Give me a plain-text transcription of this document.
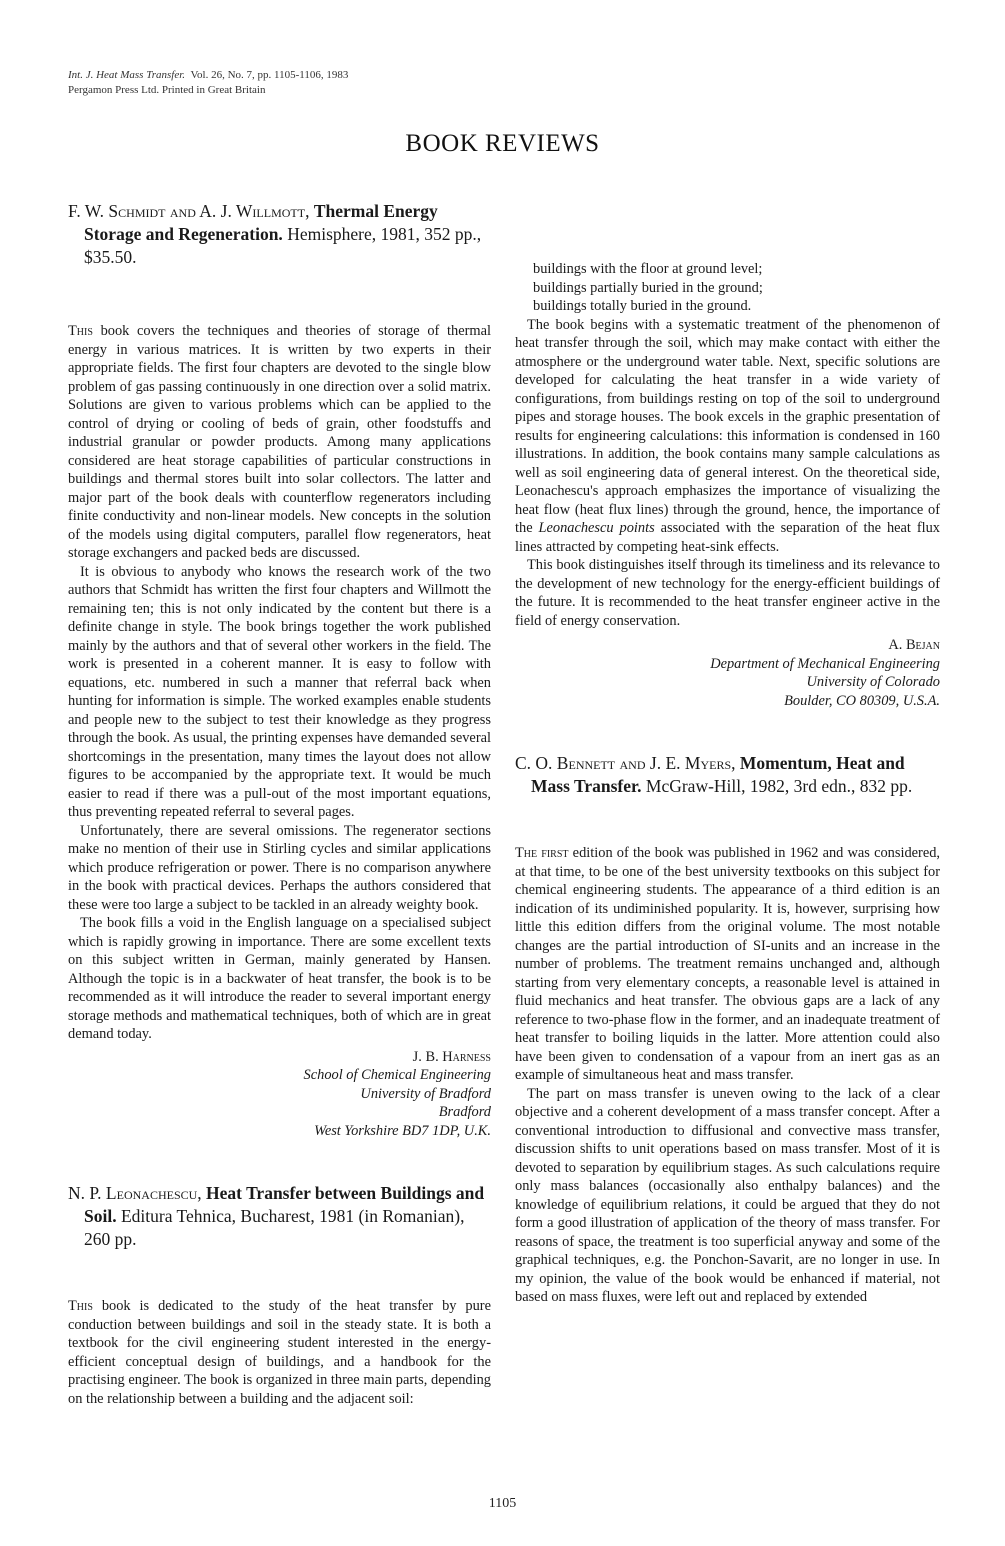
Int. J. Heat Mass Transfer. Vol. 26, No. 7, pp. 1105-1106, 1983
Pergamon Press Ltd. Printed in Great Britain
BOOK REVIEWS

F. W. Schmidt and A. J. Willmott, Thermal Energy Storage and Regeneration. Hemisphere, 1981, 352 pp., $35.50.

This book covers the techniques and theories of storage of thermal energy in various matrices. It is written by two experts in their appropriate fields. The first four chapters are devoted to the single blow problem of gas passing continuously in one direction over a solid matrix. Solutions are given to various problems which can be applied to the control of drying or cooling of beds of grain, other foodstuffs and industrial granular or powder products. Among many applications considered are heat storage capabilities of particular constructions in buildings and thermal stores built into solar collectors. The latter and major part of the book deals with counterflow regenerators including finite conductivity and non-linear models. New concepts in the solution of the models using digital computers, parallel flow regenerators, heat storage exchangers and packed beds are discussed.

It is obvious to anybody who knows the research work of the two authors that Schmidt has written the first four chapters and Willmott the remaining ten; this is not only indicated by the content but there is a definite change in style. The book brings together the work published mainly by the authors and that of several other workers in the field. The work is presented in a coherent manner. It is easy to follow with equations, etc. numbered in such a manner that referral back when hunting for information is simple. The worked examples enable students and people new to the subject to test their knowledge as they progress through the book. As usual, the printing expenses have demanded several shortcomings in the presentation, many times the layout does not allow figures to be accompanied by the appropriate text. It would be much easier to read if there was a pull-out of the most important equations, thus preventing repeated referral to several pages.

Unfortunately, there are several omissions. The regenerator sections make no mention of their use in Stirling cycles and similar applications which produce refrigeration or power. There is no comparison anywhere in the book with practical devices. Perhaps the authors considered that these were too large a subject to be tackled in an already weighty book.

The book fills a void in the English language on a specialised subject which is rapidly growing in importance. There are some excellent texts on this subject written in German, mainly generated by Hansen. Although the topic is in a backwater of heat transfer, the book is to be recommended as it will introduce the reader to several important energy storage methods and mathematical techniques, both of which are in great demand today.

J. B. Harness
School of Chemical Engineering
University of Bradford
Bradford
West Yorkshire BD7 1DP, U.K.

N. P. Leonachescu, Heat Transfer between Buildings and Soil. Editura Tehnica, Bucharest, 1981 (in Romanian), 260 pp.

This book is dedicated to the study of the heat transfer by pure conduction between buildings and soil in the steady state. It is both a textbook for the civil engineering student interested in the energy-efficient conceptual design of buildings, and a handbook for the practising engineer. The book is organized in three main parts, depending on the relationship between a building and the adjacent soil:

buildings with the floor at ground level;
buildings partially buried in the ground;
buildings totally buried in the ground.

The book begins with a systematic treatment of the phenomenon of heat transfer through the soil, which may make contact with either the atmosphere or the underground water table. Next, specific solutions are developed for calculating the heat transfer in a wide variety of configurations, from buildings resting on top of the soil to underground pipes and storage houses. The book excels in the graphic presentation of results for engineering calculations: this information is condensed in 160 illustrations. In addition, the book contains many sample calculations as well as soil engineering data of general interest. On the theoretical side, Leonachescu's approach emphasizes the importance of visualizing the heat flow (heat flux lines) through the ground, hence, the importance of the Leonachescu points associated with the separation of the heat flux lines attracted by competing heat-sink effects.

This book distinguishes itself through its timeliness and its relevance to the development of new technology for the energy-efficient buildings of the future. It is recommended to the heat transfer engineer active in the field of energy conservation.

A. Bejan
Department of Mechanical Engineering
University of Colorado
Boulder, CO 80309, U.S.A.

C. O. Bennett and J. E. Myers, Momentum, Heat and Mass Transfer. McGraw-Hill, 1982, 3rd edn., 832 pp.

The first edition of the book was published in 1962 and was considered, at that time, to be one of the best university textbooks on this subject for chemical engineering students. The appearance of a third edition is an indication of its undiminished popularity. It is, however, surprising how little this edition differs from the original volume. The most notable changes are the partial introduction of SI-units and an increase in the number of problems. The treatment remains unchanged and, although starting from very elementary concepts, a reasonable level is attained in fluid mechanics and heat transfer. The obvious gaps are a lack of any reference to two-phase flow in the former, and an inadequate treatment of heat transfer to boiling liquids in the latter. More attention could also have been given to condensation of a vapour from an inert gas as an example of simultaneous heat and mass transfer.

The part on mass transfer is uneven owing to the lack of a clear objective and a coherent development of a mass transfer concept. After a conventional introduction to diffusional and convective mass transfer, discussion shifts to unit operations based on mass transfer. Most of it is devoted to separation by equilibrium stages. As such calculations require only mass balances (occasionally also enthalpy balances) and the knowledge of equilibrium relations, it could be argued that they do not form a good illustration of application of the theory of mass transfer. For reasons of space, the treatment is too superficial anyway and some of the graphical techniques, e.g. the Ponchon-Savarit, are no longer in use. In my opinion, the value of the book would be enhanced if material, not based on mass fluxes, were left out and replaced by extended

1105
